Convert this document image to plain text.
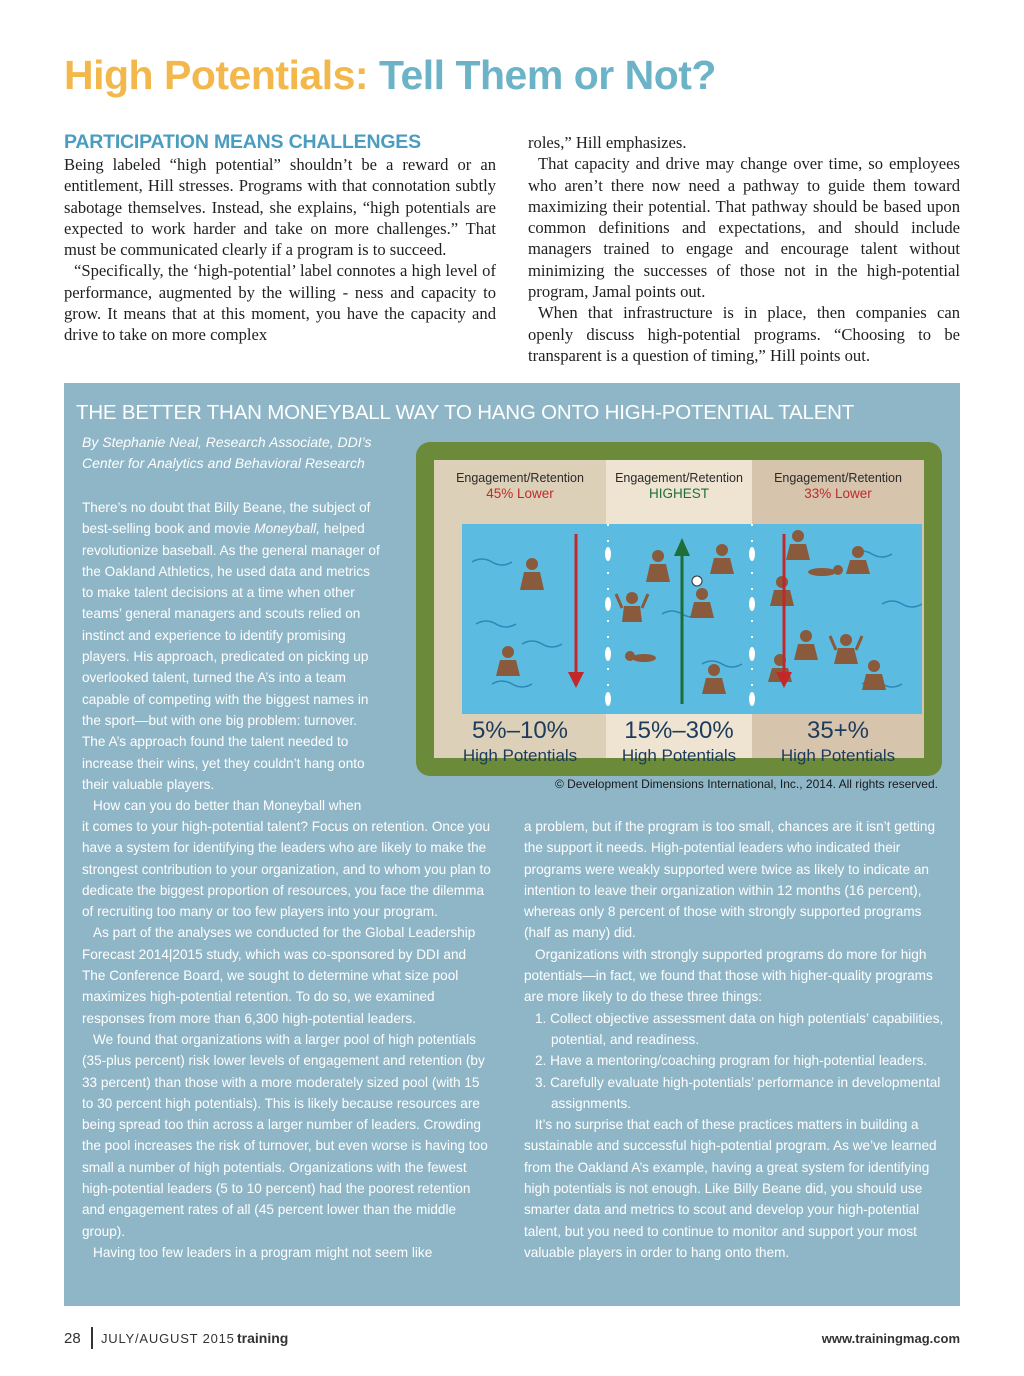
High Potentials: Tell Them or Not?
PARTICIPATION MEANS CHALLENGES

Being labeled “high potential” shouldn’t be a reward or an entitlement, Hill stresses. Programs with that connotation subtly sabotage themselves. Instead, she explains, “high potentials are expected to work harder and take on more challenges.” That must be communicated clearly if a program is to succeed.

“Specifically, the ‘high-potential’ label connotes a high level of performance, augmented by the willing - ness and capacity to grow. It means that at this moment, you have the capacity and drive to take on more complex

roles,” Hill emphasizes.

That capacity and drive may change over time, so employees who aren’t there now need a pathway to guide them toward maximizing their potential. That pathway should be based upon common definitions and expectations, and should include managers trained to engage and encourage talent without minimizing the successes of those not in the high-potential program, Jamal points out.

When that infrastructure is in place, then companies can openly discuss high-potential programs. “Choosing to be transparent is a question of timing,” Hill points out.

THE BETTER THAN MONEYBALL WAY TO HANG ONTO HIGH-POTENTIAL TALENT
By Stephanie Neal, Research Associate, DDI’s Center for Analytics and Behavioral Research

There’s no doubt that Billy Beane, the subject of best-selling book and movie Moneyball, helped revolutionize baseball. As the general manager of the Oakland Athletics, he used data and metrics to make talent decisions at a time when other teams’ general managers and scouts relied on instinct and experience to identify promising players. His approach, predicated on picking up overlooked talent, turned the A’s into a team capable of competing with the biggest names in the sport—but with one big problem: turnover. The A’s approach found the talent needed to increase their wins, yet they couldn’t hang onto their valuable players.

How can you do better than Moneyball when

Engagement/Retention
45% Lower
5%–10%
High Potentials
Engagement/Retention
HIGHEST
15%–30%
High Potentials
Engagement/Retention
33% Lower
35+%
High Potentials
© Development Dimensions International, Inc., 2014. All rights reserved.

it comes to your high-potential talent? Focus on retention. Once you have a system for identifying the leaders who are likely to make the strongest contribution to your organization, and to whom you plan to dedicate the biggest proportion of resources, you face the dilemma of recruiting too many or too few players into your program.

As part of the analyses we conducted for the Global Leadership Forecast 2014|2015 study, which was co-sponsored by DDI and The Conference Board, we sought to determine what size pool maximizes high-potential retention. To do so, we examined responses from more than 6,300 high-potential leaders.

We found that organizations with a larger pool of high potentials (35-plus percent) risk lower levels of engagement and retention (by 33 percent) than those with a more moderately sized pool (with 15 to 30 percent high potentials). This is likely because resources are being spread too thin across a larger number of leaders. Crowding the pool increases the risk of turnover, but even worse is having too small a number of high potentials. Organizations with the fewest high-potential leaders (5 to 10 percent) had the poorest retention and engagement rates of all (45 percent lower than the middle group).

Having too few leaders in a program might not seem like

a problem, but if the program is too small, chances are it isn’t getting the support it needs. High-potential leaders who indicated their programs were weakly supported were twice as likely to indicate an intention to leave their organization within 12 months (16 percent), whereas only 8 percent of those with strongly supported programs (half as many) did.

Organizations with strongly supported programs do more for high potentials—in fact, we found that those with higher-quality programs are more likely to do these three things:

1. Collect objective assessment data on high potentials’ capabilities, potential, and readiness.

2. Have a mentoring/coaching program for high-potential leaders.

3. Carefully evaluate high-potentials’ performance in developmental assignments.

It’s no surprise that each of these practices matters in building a sustainable and successful high-potential program. As we’ve learned from the Oakland A’s example, having a great system for identifying high potentials is not enough. Like Billy Beane did, you should use smarter data and metrics to scout and develop your high-potential talent, but you need to continue to monitor and support your most valuable players in order to hang onto them.

28 JULY/AUGUST 2015 training	www.trainingmag.com
